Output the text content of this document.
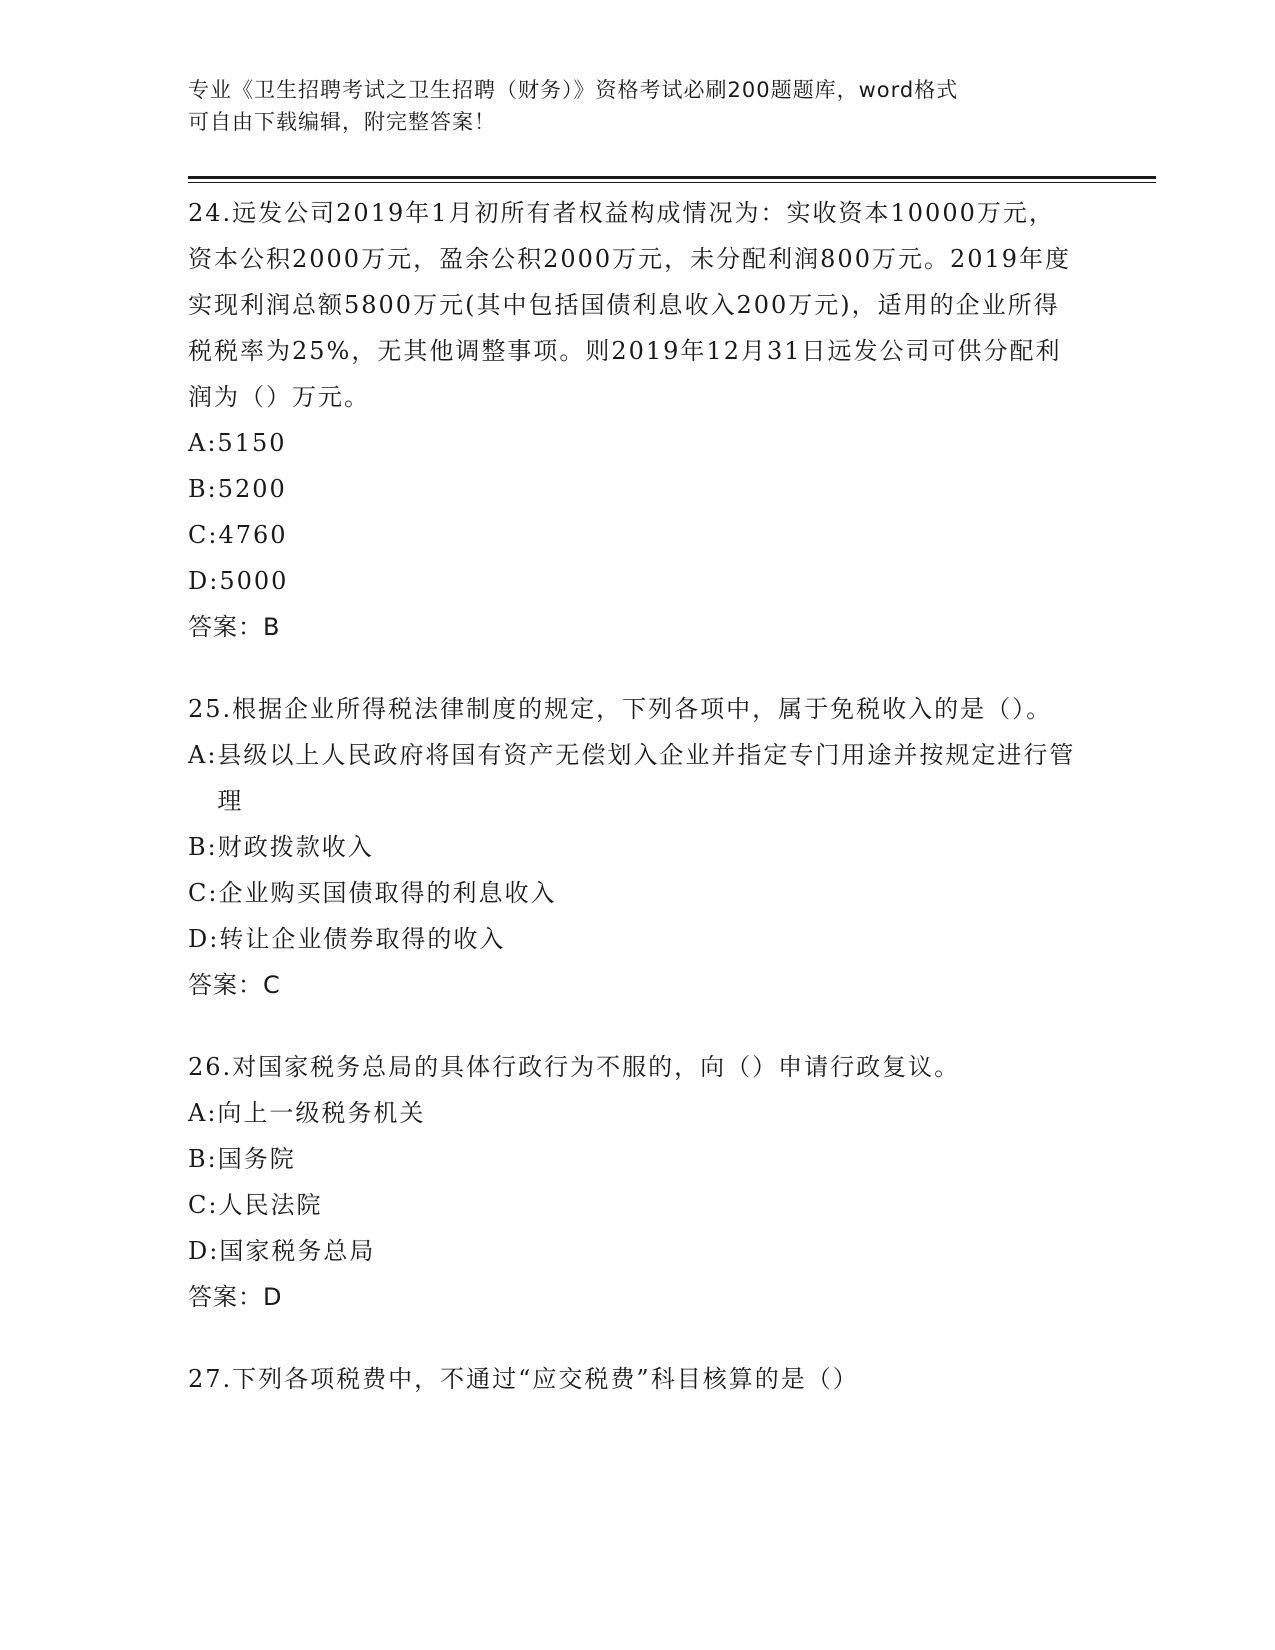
专业《卫生招聘考试之卫生招聘（财务）》资格考试必刷200题题库，word格式
可自由下载编辑，附完整答案！
24.远发公司2019年1月初所有者权益构成情况为：实收资本10000万元，资本公积2000万元，盈余公积2000万元，未分配利润800万元。2019年度实现利润总额5800万元(其中包括国债利息收入200万元)，适用的企业所得税税率为25%，无其他调整事项。则2019年12月31日远发公司可供分配利润为（）万元。
A: 5150
B: 5200
C: 4760
D: 5000
答案：B
25.根据企业所得税法律制度的规定，下列各项中，属于免税收入的是（）。
A: 县级以上人民政府将国有资产无偿划入企业并指定专门用途并按规定进行管理
B: 财政拨款收入
C: 企业购买国债取得的利息收入
D: 转让企业债券取得的收入
答案：C
26.对国家税务总局的具体行政行为不服的，向（）申请行政复议。
A: 向上一级税务机关
B: 国务院
C: 人民法院
D: 国家税务总局
答案：D
27.下列各项税费中，不通过“应交税费”科目核算的是（）
